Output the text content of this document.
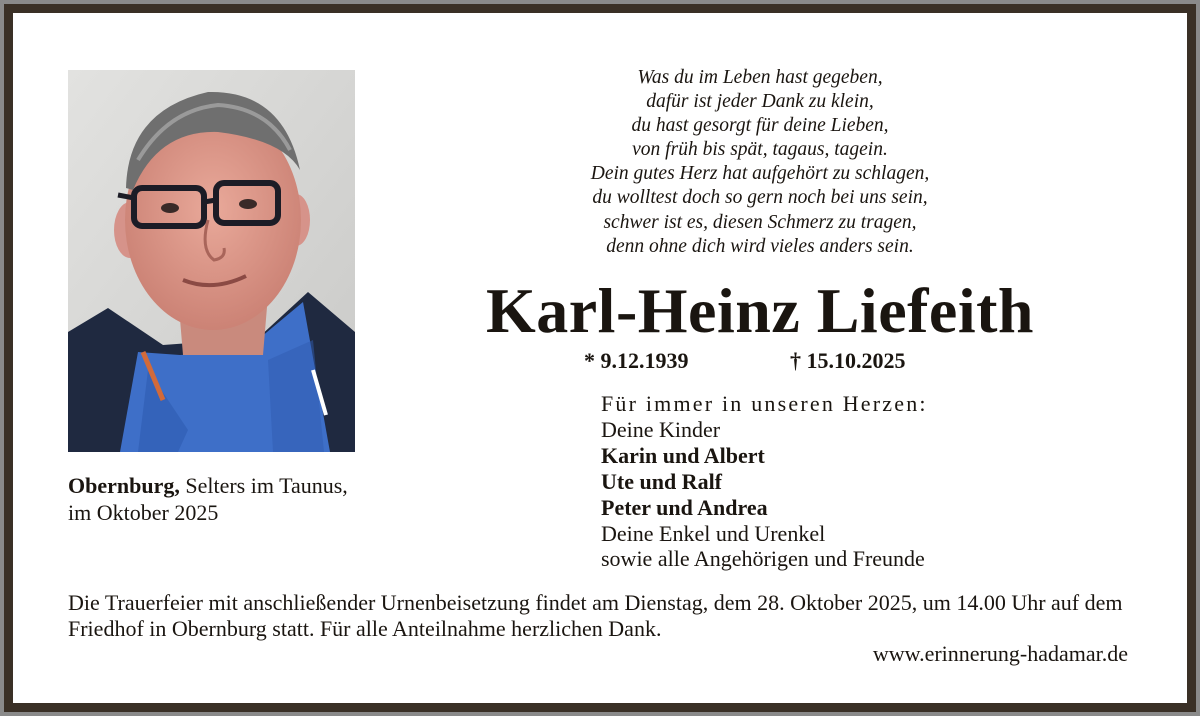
Obernburg, Selters im Taunus, im Oktober 2025
Was du im Leben hast gegeben,
dafür ist jeder Dank zu klein,
du hast gesorgt für deine Lieben,
von früh bis spät, tagaus, tagein.
Dein gutes Herz hat aufgehört zu schlagen,
du wolltest doch so gern noch bei uns sein,
schwer ist es, diesen Schmerz zu tragen,
denn ohne dich wird vieles anders sein.
Karl-Heinz Liefeith
* 9.12.1939	† 15.10.2025
Für immer in unseren Herzen:
Deine Kinder
Karin und Albert
Ute und Ralf
Peter und Andrea
Deine Enkel und Urenkel
sowie alle Angehörigen und Freunde
Die Trauerfeier mit anschließender Urnenbeisetzung findet am Dienstag, dem 28. Oktober 2025, um 14.00 Uhr auf dem Friedhof in Obernburg statt. Für alle Anteilnahme herzlichen Dank.
www.erinnerung-hadamar.de
